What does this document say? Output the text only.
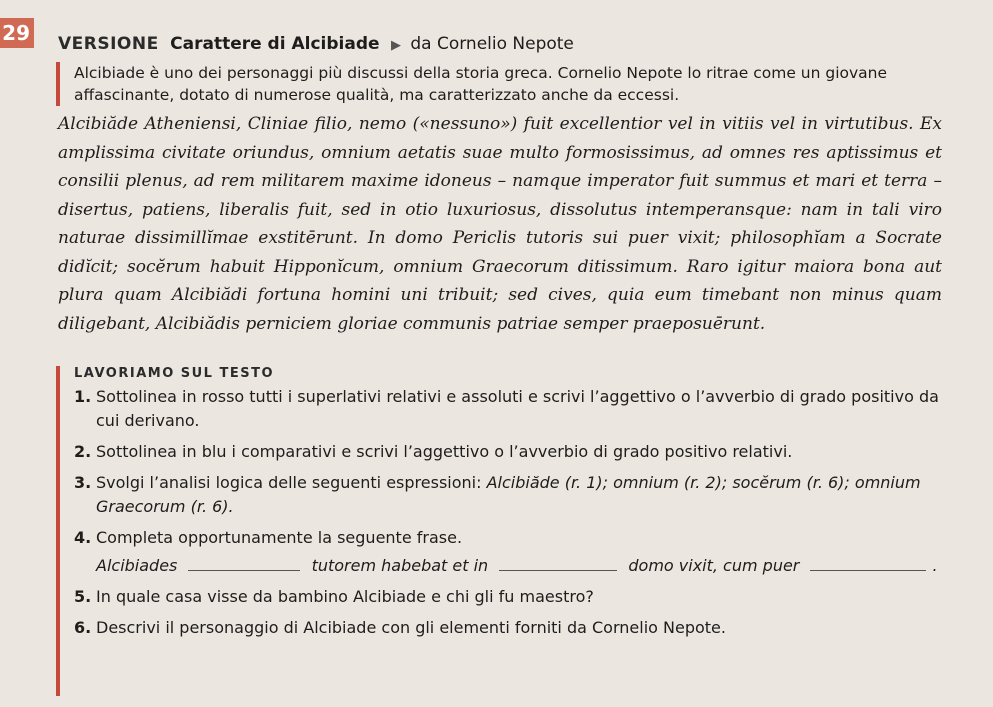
29 VERSIONE Carattere di Alcibiade ▶ da Cornelio Nepote
Alcibiade è uno dei personaggi più discussi della storia greca. Cornelio Nepote lo ritrae come un giovane affascinante, dotato di numerose qualità, ma caratterizzato anche da eccessi.
Alcibiăde Atheniensi, Cliniae filio, nemo («nessuno») fuit excellentior vel in vitiis vel in virtutibus. Ex amplissima civitate oriundus, omnium aetatis suae multo formosissimus, ad omnes res aptissimus et consilii plenus, ad rem militarem maxime idoneus – namque imperator fuit summus et mari et terra – disertus, patiens, liberalis fuit, sed in otio luxuriosus, dissolutus intemperansque: nam in tali viro naturae dissimillĭmae exstitērunt. In domo Periclis tutoris sui puer vixit; philosophĭam a Socrate didĭcit; socĕrum habuit Hipponĭcum, omnium Graecorum ditissimum. Raro igitur maiora bona aut plura quam Alcibiădi fortuna homini uni tribuit; sed cives, quia eum timebant non minus quam diligebant, Alcibiădis perniciem gloriae communis patriae semper praeposuērunt.
LAVORIAMO SUL TESTO
1. Sottolinea in rosso tutti i superlativi relativi e assoluti e scrivi l’aggettivo o l’avverbio di grado positivo da cui derivano.
2. Sottolinea in blu i comparativi e scrivi l’aggettivo o l’avverbio di grado positivo relativi.
3. Svolgi l’analisi logica delle seguenti espressioni: Alcibiăde (r. 1); omnium (r. 2); socĕrum (r. 6); omnium Graecorum (r. 6).
4. Completa opportunamente la seguente frase.
Alcibiades	tutorem habebat et in	domo vixit, cum puer	.
5. In quale casa visse da bambino Alcibiade e chi gli fu maestro?
6. Descrivi il personaggio di Alcibiade con gli elementi forniti da Cornelio Nepote.
